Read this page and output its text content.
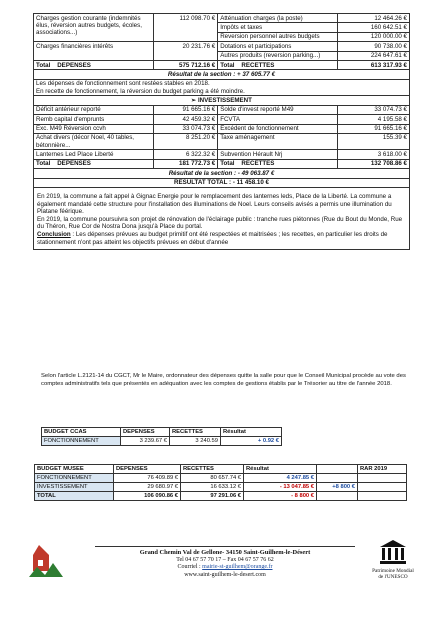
Charges gestion courante (indemnités élus, réversion autres budgets, écoles, associations...)	112 098.70 €	Atténuation charges (la poste)	12 464.26 €
		Impôts et taxes	160 642.51 €
		Reversion personnel autres budgets	120 000.00 €
Charges financières intérêts	20 231.76 €	Dotations et participations	90 738.00 €
		Autres produits (reversion parking...)	224 647.61 €
Total DEPENSES	575 712.16 €	Total RECETTES	613 317.93 €
Résultat de la section : + 37 605.77 €			

Les dépenses de fonctionnement sont restées stables en 2018.
En recette de fonctionnement, la réversion du budget parking a été moindre.			

➢ INVESTISSEMENT			
Déficit antérieur reporté	91 665.16 €	Solde d'invest reporté M49	33 074.73 €
Remb capital d'emprunts	42 459.32 €	FCVTA	4 195.58 €
Exc. M49 Réversion ccvh	33 074.73 €	Excédent de fonctionnement	91 665.16 €
Achat divers (décor Noel, 40 tables, bétonnière...	8 251.20 €	Taxe aménagement	155.39 €
Lanternes Led Place Liberté	6 322.32 €	Subvention Hérault Nrj	3 618.00 €
Total DEPENSES	181 772.73 €	Total RECETTES	132 708.86 €
Résultat de la section : - 49 063.87 €			
RESULTAT TOTAL : - 11 458.10 €			

En 2019, la commune a fait appel à Gignac Energie pour le remplacement des lanternes leds, Place de la Liberté. La commune a également mandaté cette structure pour l'installation des illuminations de Noel. Leurs conseils avisés a permis une illumination du Platane féérique.
En 2019, la commune poursuivra son projet de rénovation de l'éclairage public : tranche rues piétonnes (Rue du Bout du Monde, Rue du Théron, Rue Cor de Nostra Dona jusqu'à Place du portal.
Conclusion : Les dépenses prévues au budget primitif ont été respectées et maitrisées ; les recettes, en particulier les droits de stationnement n'ont pas atteint les objectifs prévues en début d'année			
Selon l'article L.2121-14 du CGCT, Mr le Maire, ordonnateur des dépenses quitte la salle pour que le Conseil Municipal procède au vote des comptes administratifs tels que présentés en adéquation avec les comptes de gestions établis par le Trésorier au titre de l'année 2018.
BUDGET CCAS	DEPENSES	RECETTES	Résultat
FONCTIONNEMENT	3 239.67 €	3 240.59	+ 0.92 €
BUDGET MUSEE	DEPENSES	RECETTES	Résultat		RAR 2019
FONCTIONNEMENT	76 409.89 €	80 657.74 €	4 247.85 €		
INVESTISSEMENT	29 680.97 €	16 633.12 €	- 13 047.85 €	+8 800 €	
TOTAL	106 090.86 €	97 291.06 €	- 8 800 €		
Grand Chemin Val de Gellone- 34150 Saint-Guilhem-le-Désert
Tel 04 67 57 70 17 – Fax 04 67 57 76 62
Courriel : mairie-st-guilhem@orange.fr
www.saint-guilhem-le-desert.com
Patrimoine Mondial
de l'UNESCO
